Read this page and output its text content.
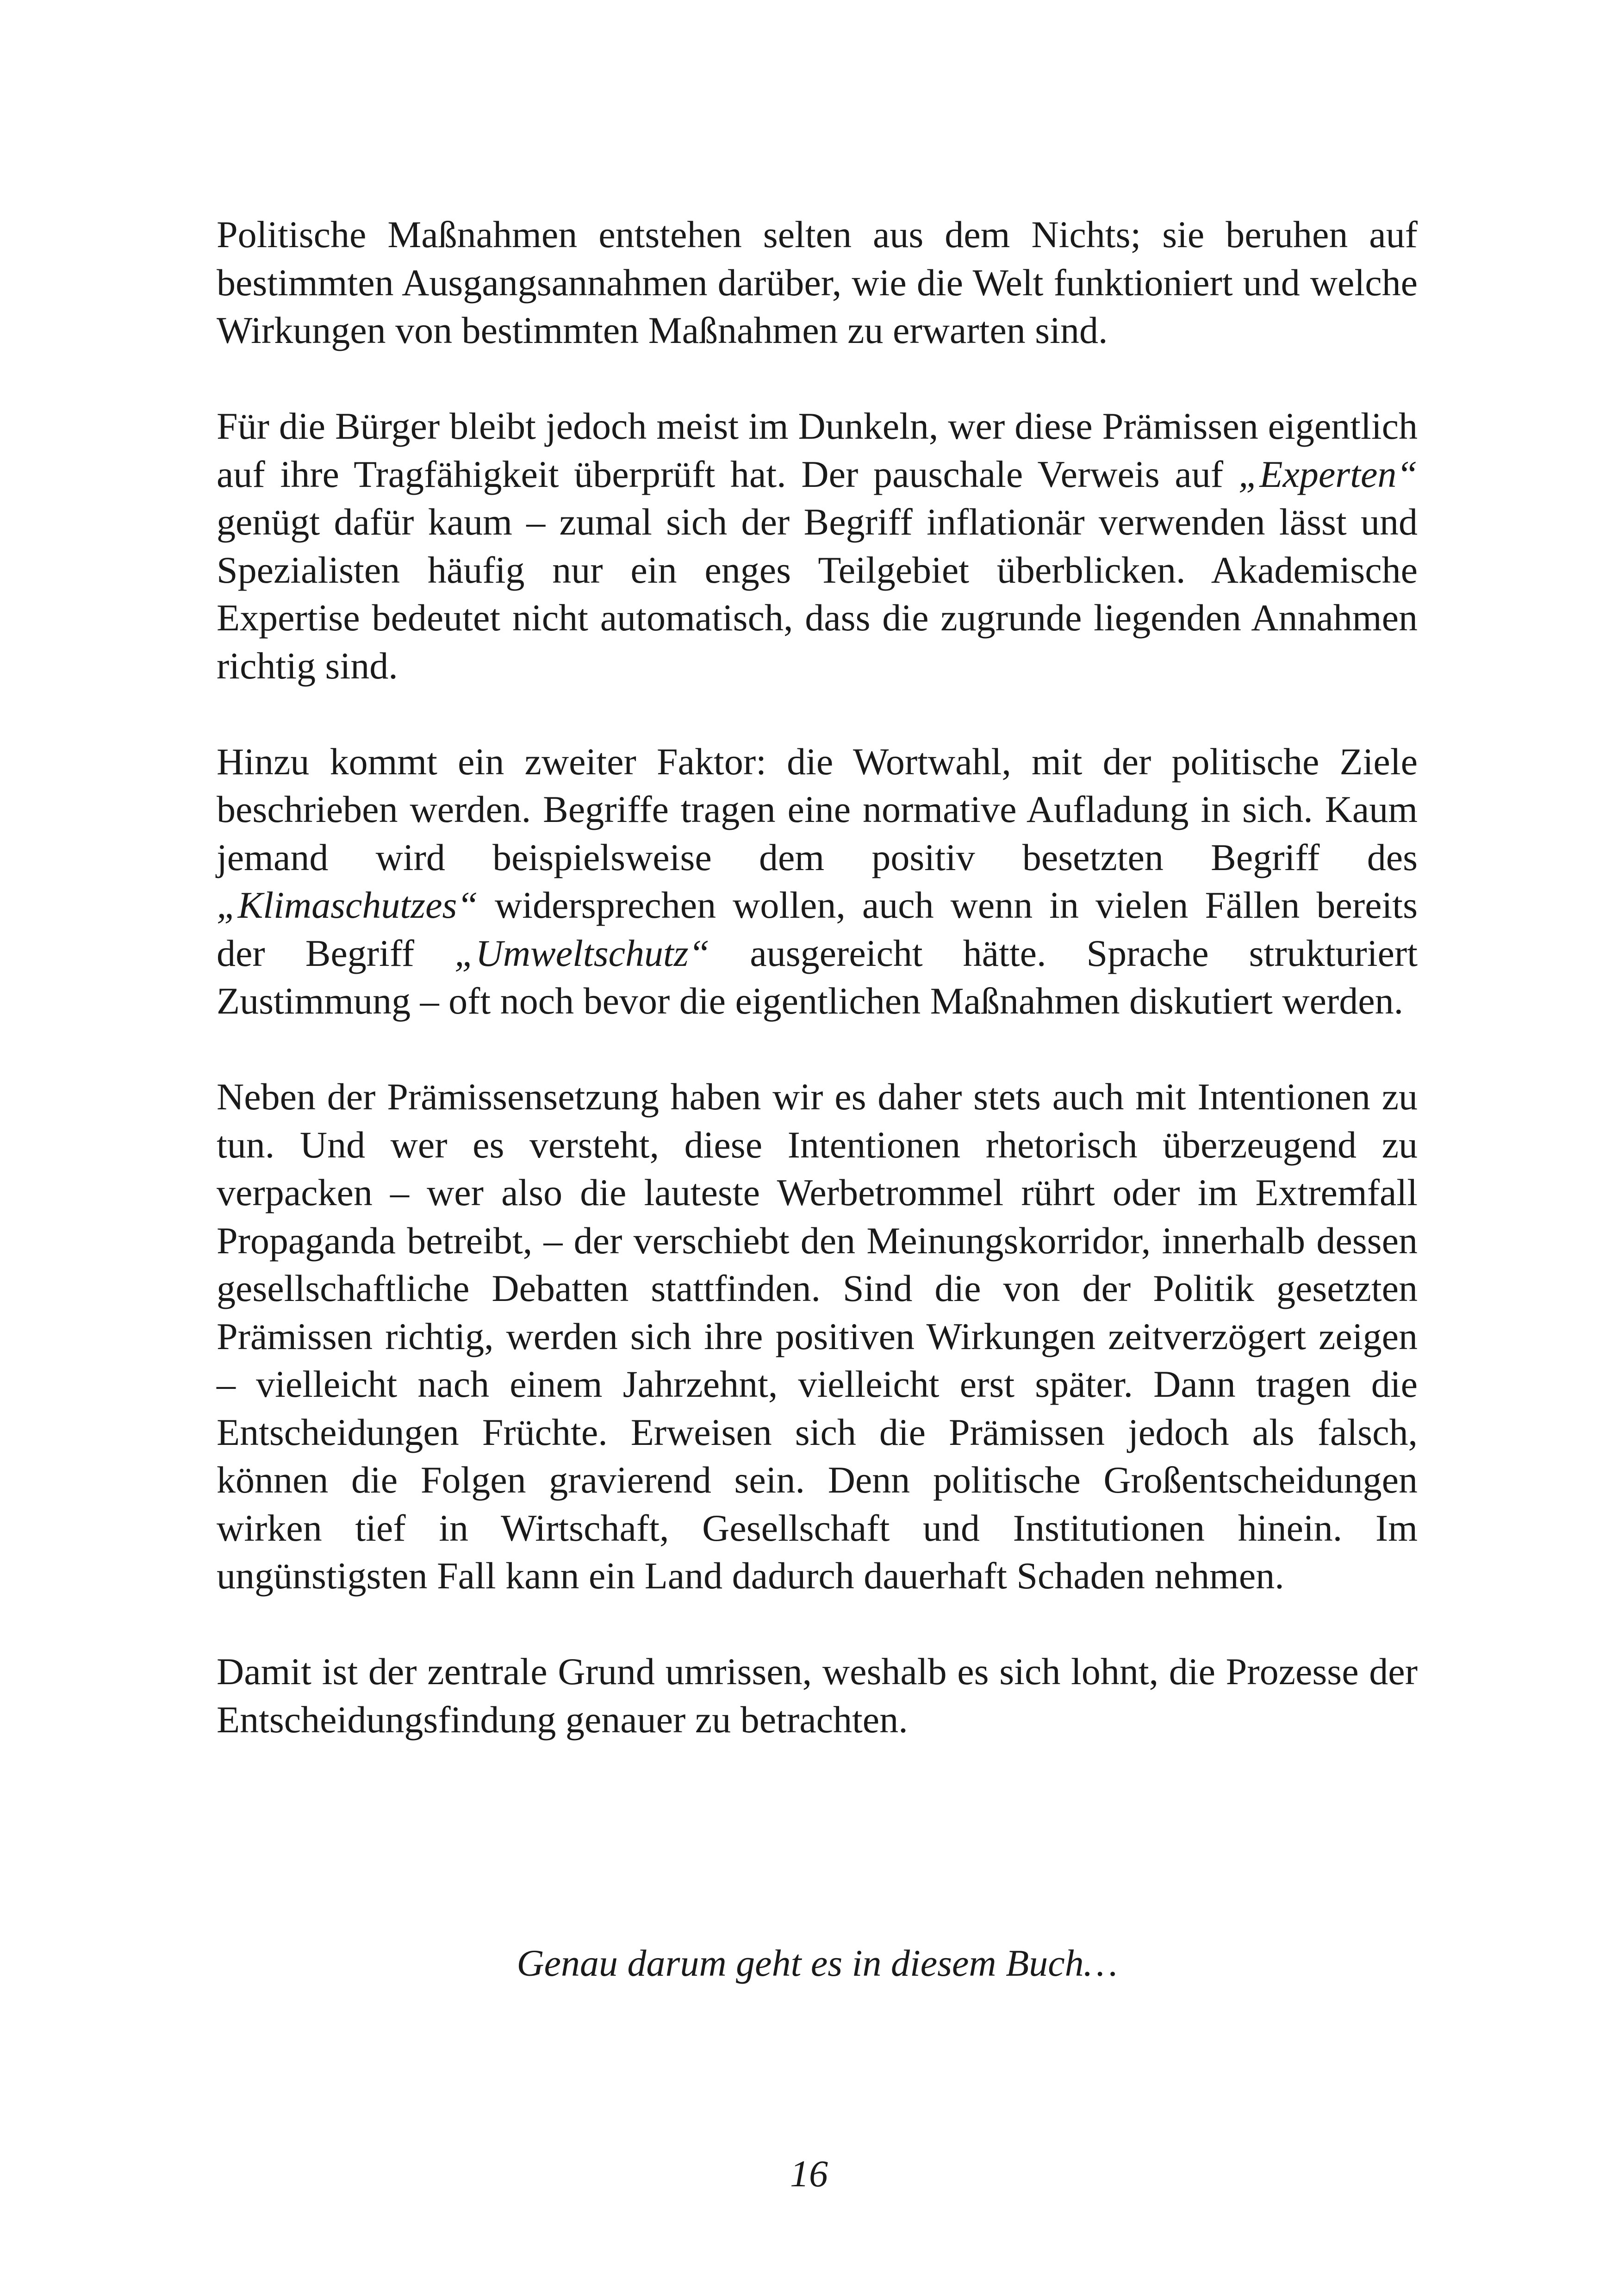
Politische Maßnahmen entstehen selten aus dem Nichts; sie beruhen auf bestimmten Ausgangsannahmen darüber, wie die Welt funktioniert und welche Wirkungen von bestimmten Maßnahmen zu erwarten sind.

Für die Bürger bleibt jedoch meist im Dunkeln, wer diese Prämissen eigentlich auf ihre Tragfähigkeit überprüft hat. Der pauschale Verweis auf „Experten“ genügt dafür kaum – zumal sich der Begriff inflationär verwenden lässt und Spezialisten häufig nur ein enges Teilgebiet überblicken. Akademische Expertise bedeutet nicht automatisch, dass die zugrunde liegenden Annahmen richtig sind.

Hinzu kommt ein zweiter Faktor: die Wortwahl, mit der politische Ziele beschrieben werden. Begriffe tragen eine normative Aufladung in sich. Kaum jemand wird beispielsweise dem positiv besetzten Begriff des „Klimaschutzes“ widersprechen wollen, auch wenn in vielen Fällen bereits der Begriff „Umweltschutz“ ausgereicht hätte. Sprache strukturiert Zustimmung – oft noch bevor die eigentlichen Maßnahmen diskutiert werden.

Neben der Prämissensetzung haben wir es daher stets auch mit Intentionen zu tun. Und wer es versteht, diese Intentionen rhetorisch überzeugend zu verpacken – wer also die lauteste Werbetrommel rührt oder im Extremfall Propaganda betreibt, – der verschiebt den Meinungskorridor, innerhalb dessen gesellschaftliche Debatten stattfinden. Sind die von der Politik gesetzten Prämissen richtig, werden sich ihre positiven Wirkungen zeitverzögert zeigen – vielleicht nach einem Jahrzehnt, vielleicht erst später. Dann tragen die Entscheidungen Früchte. Erweisen sich die Prämissen jedoch als falsch, können die Folgen gravierend sein. Denn politische Großentscheidungen wirken tief in Wirtschaft, Gesellschaft und Institutionen hinein. Im ungünstigsten Fall kann ein Land dadurch dauerhaft Schaden nehmen.

Damit ist der zentrale Grund umrissen, weshalb es sich lohnt, die Prozesse der Entscheidungsfindung genauer zu betrachten.

Genau darum geht es in diesem Buch…
16
